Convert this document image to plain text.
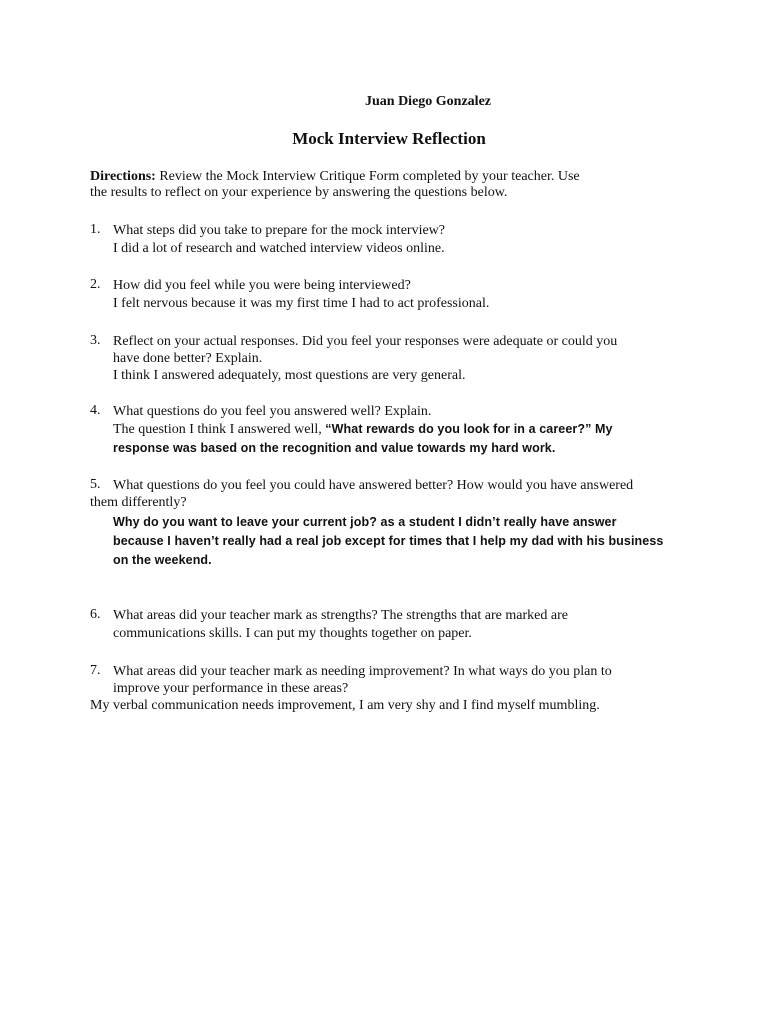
Juan Diego Gonzalez
Mock Interview Reflection
Directions: Review the Mock Interview Critique Form completed by your teacher. Use
the results to reflect on your experience by answering the questions below.
1. What steps did you take to prepare for the mock interview?
I did a lot of research and watched interview videos online.
2. How did you feel while you were being interviewed?
I felt nervous because it was my first time I had to act professional.
3. Reflect on your actual responses. Did you feel your responses were adequate or could you
have done better? Explain.
I think I answered adequately, most questions are very general.
4. What questions do you feel you answered well? Explain.
The question I think I answered well, “What rewards do you look for in a career?” My
response was based on the recognition and value towards my hard work.
5. What questions do you feel you could have answered better? How would you have answered
them differently?
Why do you want to leave your current job? as a student I didn’t really have answer
because I haven’t really had a real job except for times that I help my dad with his business
on the weekend.
6. What areas did your teacher mark as strengths? The strengths that are marked are
communications skills. I can put my thoughts together on paper.
7. What areas did your teacher mark as needing improvement? In what ways do you plan to
improve your performance in these areas?
My verbal communication needs improvement, I am very shy and I find myself mumbling.
